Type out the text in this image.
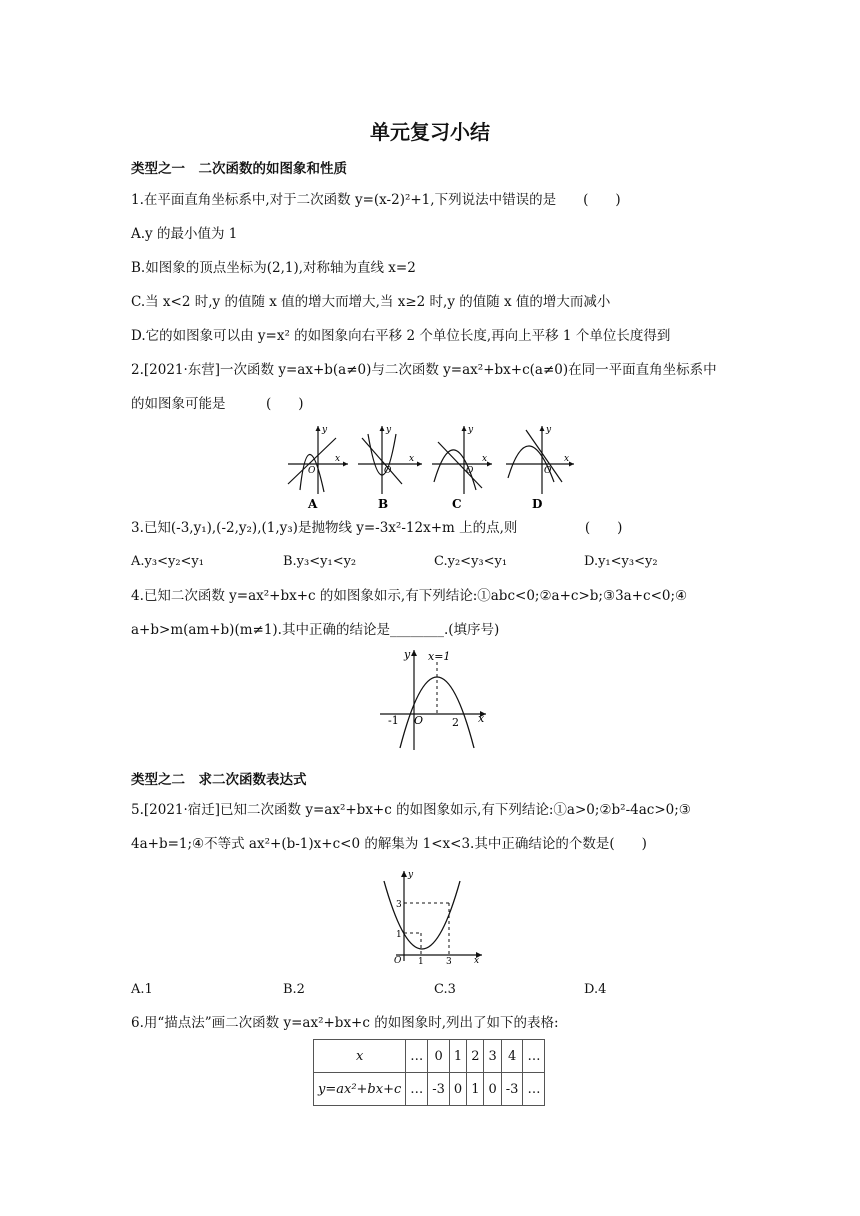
单元复习小结
类型之一　二次函数的如图象和性质
1.在平面直角坐标系中,对于二次函数 y=(x-2)²+1,下列说法中错误的是　　(　　)
A.y 的最小值为 1
B.如图象的顶点坐标为(2,1),对称轴为直线 x=2
C.当 x<2 时,y 的值随 x 值的增大而增大,当 x≥2 时,y 的值随 x 值的增大而减小
D.它的如图象可以由 y=x² 的如图象向右平移 2 个单位长度,再向上平移 1 个单位长度得到
2.[2021·东营]一次函数 y=ax+b(a≠0)与二次函数 y=ax²+bx+c(a≠0)在同一平面直角坐标系中
的如图象可能是　　　(　　)
y
x
O
A
y
x
O
B
y
x
O
C
y
x
O
D
3.已知(-3,y₁),(-2,y₂),(1,y₃)是抛物线 y=-3x²-12x+m 上的点,则　　　　　(　　)
A.y₃<y₂<y₁	B.y₃<y₁<y₂	C.y₂<y₃<y₁	D.y₁<y₃<y₂
4.已知二次函数 y=ax²+bx+c 的如图象如示,有下列结论:①abc<0;②a+c>b;③3a+c<0;④
a+b>m(am+b)(m≠1).其中正确的结论是________.(填序号)
y x=1
x
O
-1	2
类型之二　求二次函数表达式
5.[2021·宿迁]已知二次函数 y=ax²+bx+c 的如图象如示,有下列结论:①a>0;②b²-4ac>0;③
4a+b=1;④不等式 ax²+(b-1)x+c<0 的解集为 1<x<3.其中正确结论的个数是(　　)
y
x
O
3
1
1 3
A.1	B.2	C.3	D.4
6.用“描点法”画二次函数 y=ax²+bx+c 的如图象时,列出了如下的表格:
x	…	0	1	2	3	4	…
y=ax²+bx+c	…	-3	0	1	0	-3	…
